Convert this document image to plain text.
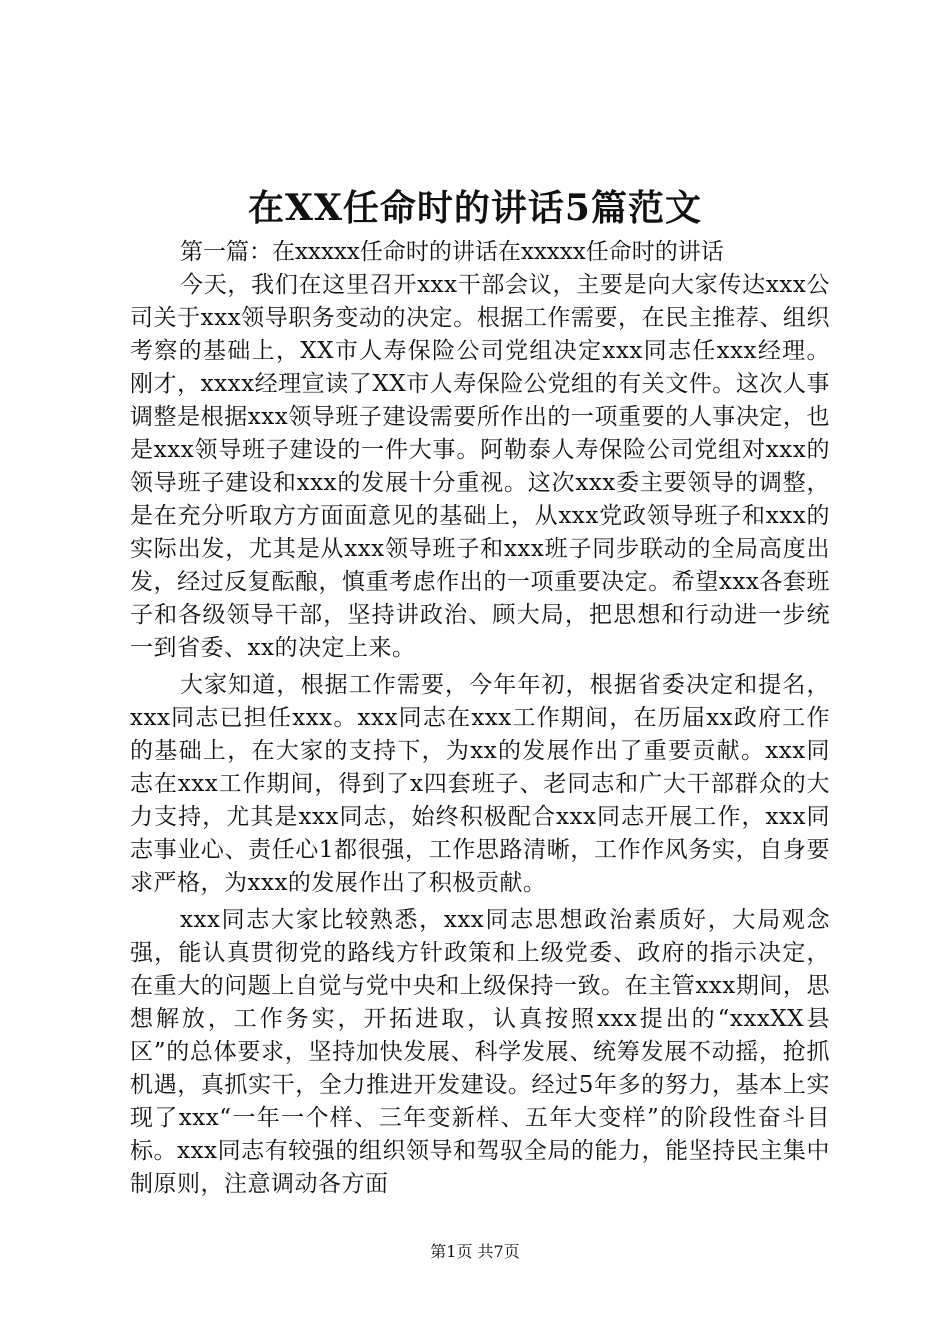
在XX任命时的讲话5篇范文

第一篇：在xxxxx任命时的讲话在xxxxx任命时的讲话

今天，我们在这里召开xxx干部会议，主要是向大家传达xxx公司关于xxx领导职务变动的决定。根据工作需要，在民主推荐、组织考察的基础上，XX市人寿保险公司党组决定xxx同志任xxx经理。刚才，xxxx经理宣读了XX市人寿保险公党组的有关文件。这次人事调整是根据xxx领导班子建设需要所作出的一项重要的人事决定，也是xxx领导班子建设的一件大事。阿勒泰人寿保险公司党组对xxx的领导班子建设和xxx的发展十分重视。这次xxx委主要领导的调整，是在充分听取方方面面意见的基础上，从xxx党政领导班子和xxx的实际出发，尤其是从xxx领导班子和xxx班子同步联动的全局高度出发，经过反复酝酿，慎重考虑作出的一项重要决定。希望xxx各套班子和各级领导干部，坚持讲政治、顾大局，把思想和行动进一步统一到省委、xx的决定上来。

大家知道，根据工作需要，今年年初，根据省委决定和提名，xxx同志已担任xxx。xxx同志在xxx工作期间，在历届xx政府工作的基础上，在大家的支持下，为xx的发展作出了重要贡献。xxx同志在xxx工作期间，得到了x四套班子、老同志和广大干部群众的大力支持，尤其是xxx同志，始终积极配合xxx同志开展工作，xxx同志事业心、责任心1都很强，工作思路清晰，工作作风务实，自身要求严格，为xxx的发展作出了积极贡献。

xxx同志大家比较熟悉，xxx同志思想政治素质好，大局观念强，能认真贯彻党的路线方针政策和上级党委、政府的指示决定，在重大的问题上自觉与党中央和上级保持一致。在主管xxx期间，思想解放，工作务实，开拓进取，认真按照xxx提出的“xxxXX县区”的总体要求，坚持加快发展、科学发展、统筹发展不动摇，抢抓机遇，真抓实干，全力推进开发建设。经过5年多的努力，基本上实现了xxx“一年一个样、三年变新样、五年大变样”的阶段性奋斗目标。xxx同志有较强的组织领导和驾驭全局的能力，能坚持民主集中制原则，注意调动各方面

第1页 共7页
